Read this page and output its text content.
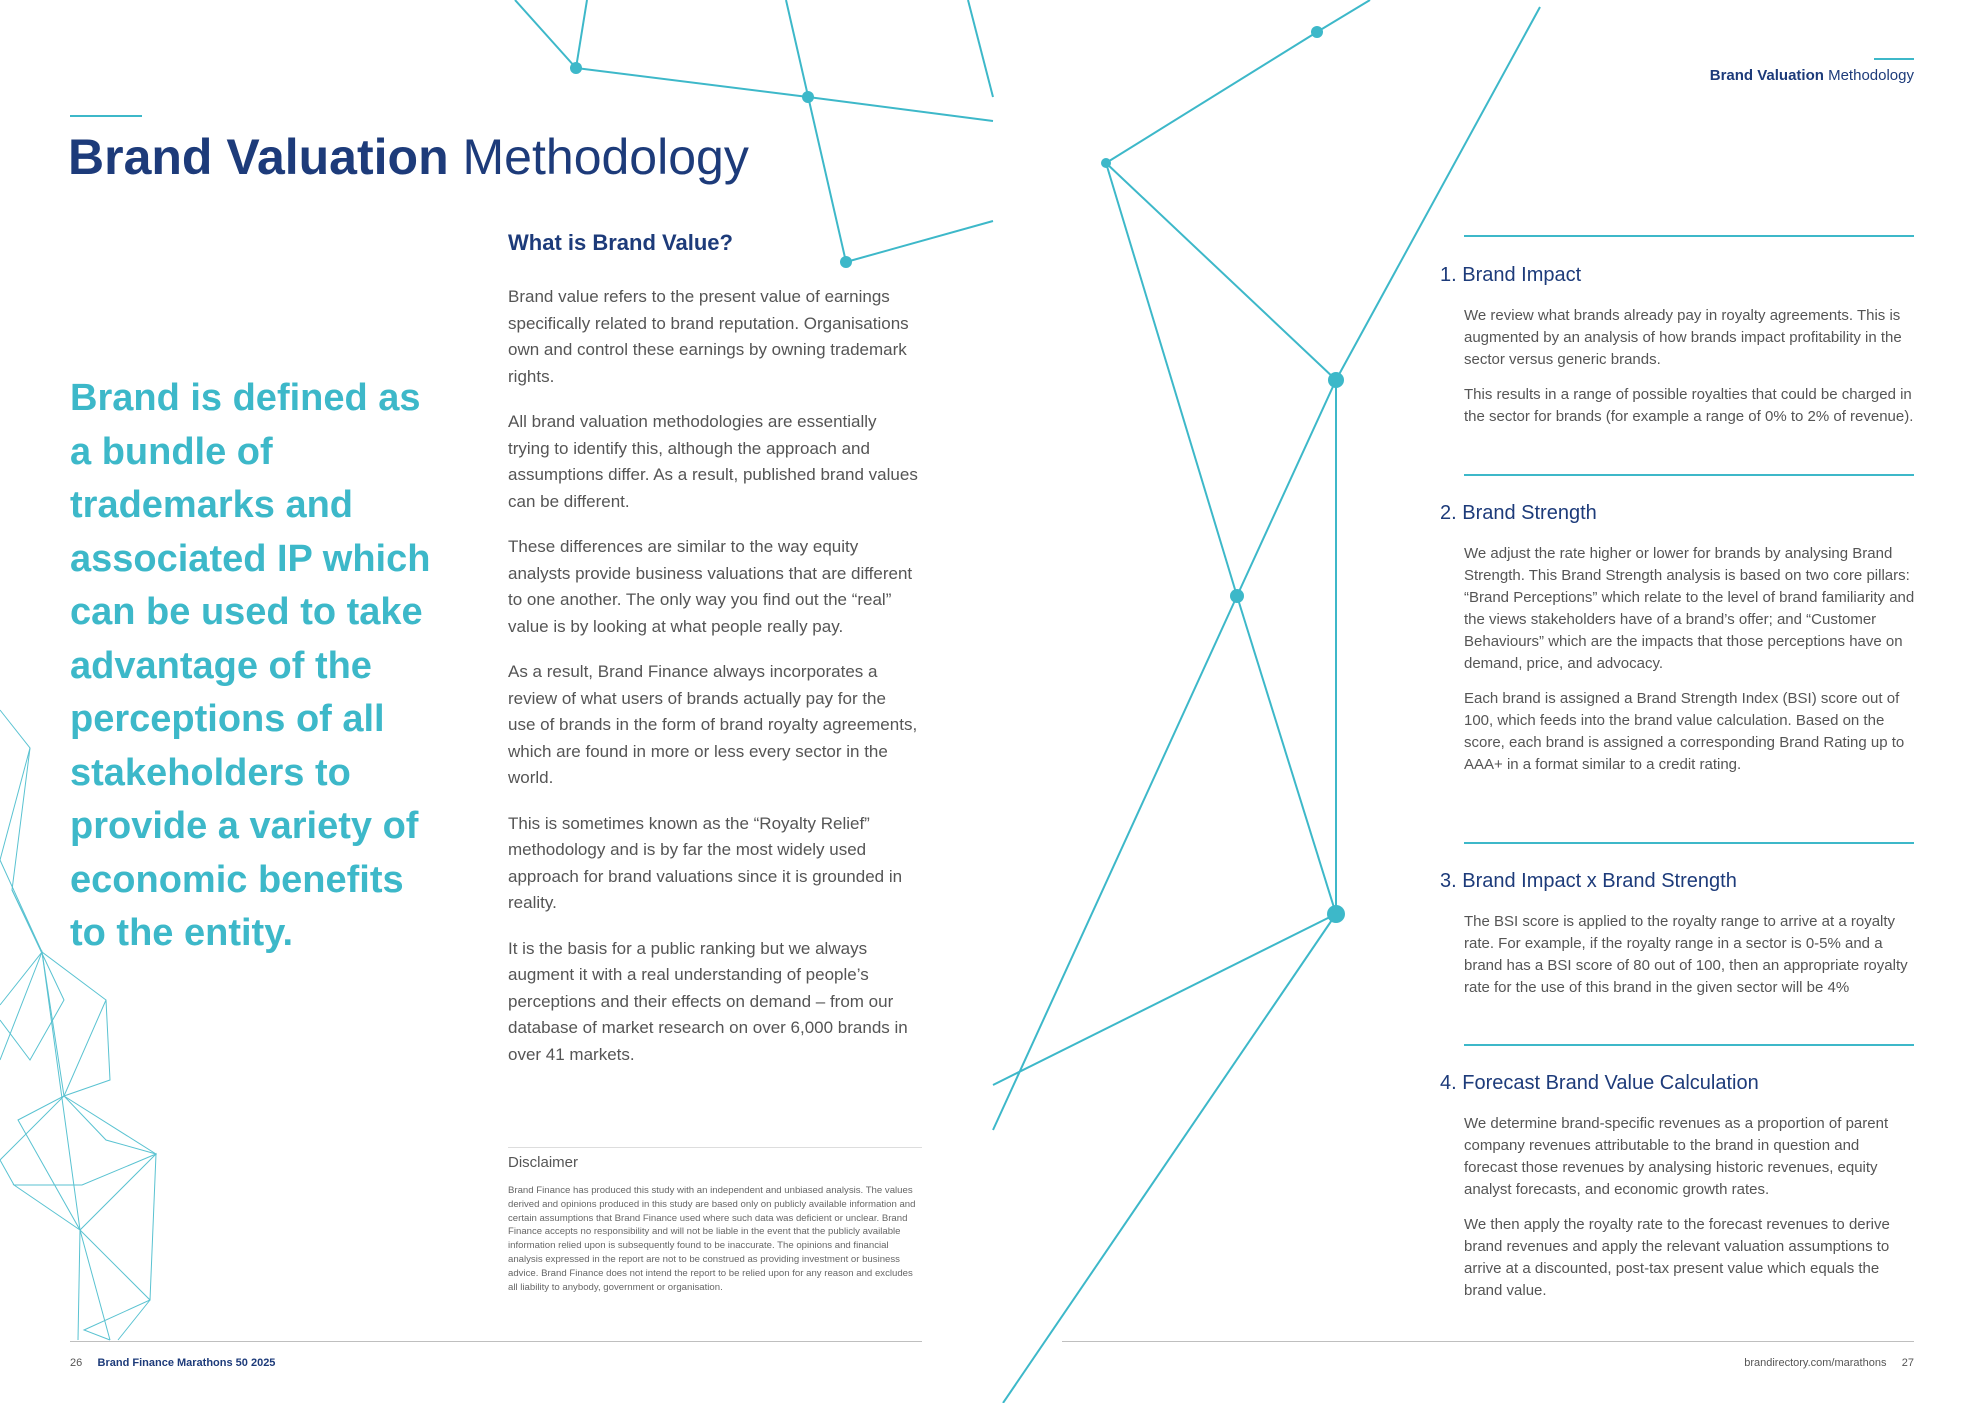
Brand Valuation Methodology
Brand is defined as a bundle of trademarks and associated IP which can be used to take advantage of the perceptions of all stakeholders to provide a variety of economic benefits to the entity.
What is Brand Value?

Brand value refers to the present value of earnings specifically related to brand reputation. Organisations own and control these earnings by owning trademark rights.

All brand valuation methodologies are essentially trying to identify this, although the approach and assumptions differ. As a result, published brand values can be different.

These differences are similar to the way equity analysts provide business valuations that are different to one another. The only way you find out the “real” value is by looking at what people really pay.

As a result, Brand Finance always incorporates a review of what users of brands actually pay for the use of brands in the form of brand royalty agreements, which are found in more or less every sector in the world.

This is sometimes known as the “Royalty Relief” methodology and is by far the most widely used approach for brand valuations since it is grounded in reality.

It is the basis for a public ranking but we always augment it with a real understanding of people’s perceptions and their effects on demand – from our database of market research on over 6,000 brands in over 41 markets.

Disclaimer
Brand Finance has produced this study with an independent and unbiased analysis. The values derived and opinions produced in this study are based only on publicly available information and certain assumptions that Brand Finance used where such data was deficient or unclear. Brand Finance accepts no responsibility and will not be liable in the event that the publicly available information relied upon is subsequently found to be inaccurate. The opinions and financial analysis expressed in the report are not to be construed as providing investment or business advice. Brand Finance does not intend the report to be relied upon for any reason and excludes all liability to anybody, government or organisation.
Brand Valuation Methodology
1. Brand Impact

We review what brands already pay in royalty agreements. This is augmented by an analysis of how brands impact profitability in the sector versus generic brands.

This results in a range of possible royalties that could be charged in the sector for brands (for example a range of 0% to 2% of revenue).

2. Brand Strength

We adjust the rate higher or lower for brands by analysing Brand Strength. This Brand Strength analysis is based on two core pillars: “Brand Perceptions” which relate to the level of brand familiarity and the views stakeholders have of a brand’s offer; and “Customer Behaviours” which are the impacts that those perceptions have on demand, price, and advocacy.

Each brand is assigned a Brand Strength Index (BSI) score out of 100, which feeds into the brand value calculation. Based on the score, each brand is assigned a corresponding Brand Rating up to AAA+ in a format similar to a credit rating.

3. Brand Impact x Brand Strength

The BSI score is applied to the royalty range to arrive at a royalty rate. For example, if the royalty range in a sector is 0-5% and a brand has a BSI score of 80 out of 100, then an appropriate royalty rate for the use of this brand in the given sector will be 4%

4. Forecast Brand Value Calculation

We determine brand-specific revenues as a proportion of parent company revenues attributable to the brand in question and forecast those revenues by analysing historic revenues, equity analyst forecasts, and economic growth rates.

We then apply the royalty rate to the forecast revenues to derive brand revenues and apply the relevant valuation assumptions to arrive at a discounted, post-tax present value which equals the brand value.

26 Brand Finance Marathons 50 2025	brandirectory.com/marathons 27
